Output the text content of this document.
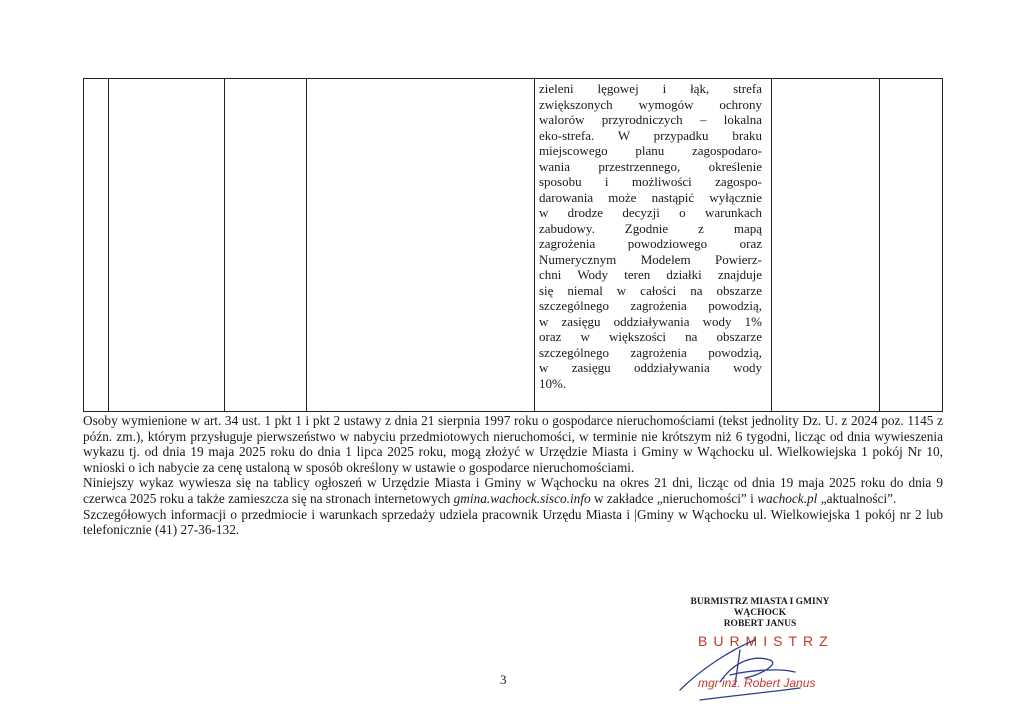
zieleni lęgowej i łąk, strefa

zwiększonych wymogów ochrony

walorów przyrodniczych – lokalna

eko-strefa. W przypadku braku

miejscowego planu zagospodaro-

wania przestrzennego, określenie

sposobu i możliwości zagospo-

darowania może nastąpić wyłącznie

w drodze decyzji o warunkach

zabudowy. Zgodnie z mapą

zagrożenia powodziowego oraz

Numerycznym Modelem Powierz-

chni Wody teren działki znajduje

się niemal w całości na obszarze

szczególnego zagrożenia powodzią,

w zasięgu oddziaływania wody 1%

oraz w większości na obszarze

szczególnego zagrożenia powodzią,

w zasięgu oddziaływania wody

10%.

Osoby wymienione w art. 34 ust. 1 pkt 1 i pkt 2 ustawy z dnia 21 sierpnia 1997 roku o gospodarce nieruchomościami (tekst jednolity Dz. U. z 2024 poz. 1145 z późn. zm.), którym przysługuje pierwszeństwo w nabyciu przedmiotowych nieruchomości, w terminie nie krótszym niż 6 tygodni, licząc od dnia wywieszenia wykazu tj. od dnia 19 maja 2025 roku do dnia 1 lipca 2025 roku, mogą złożyć w Urzędzie Miasta i Gminy w Wąchocku ul. Wielkowiejska 1 pokój Nr 10, wnioski o ich nabycie za cenę ustaloną w sposób określony w ustawie o gospodarce nieruchomościami.

Niniejszy wykaz wywiesza się na tablicy ogłoszeń w Urzędzie Miasta i Gminy w Wąchocku na okres 21 dni, licząc od dnia 19 maja 2025 roku do dnia 9 czerwca 2025 roku a także zamieszcza się na stronach internetowych gmina.wachock.sisco.info w zakładce „nieruchomości” i wachock.pl „aktualności”.

Szczegółowych informacji o przedmiocie i warunkach sprzedaży udziela pracownik Urzędu Miasta i |Gminy w Wąchocku ul. Wielkowiejska 1 pokój nr 2 lub telefonicznie (41) 27-36-132.

3
BURMISTRZ MIASTA I GMINY
WĄCHOCK
ROBERT JANUS
BURMISTRZ
mgr inż. Robert Janus
